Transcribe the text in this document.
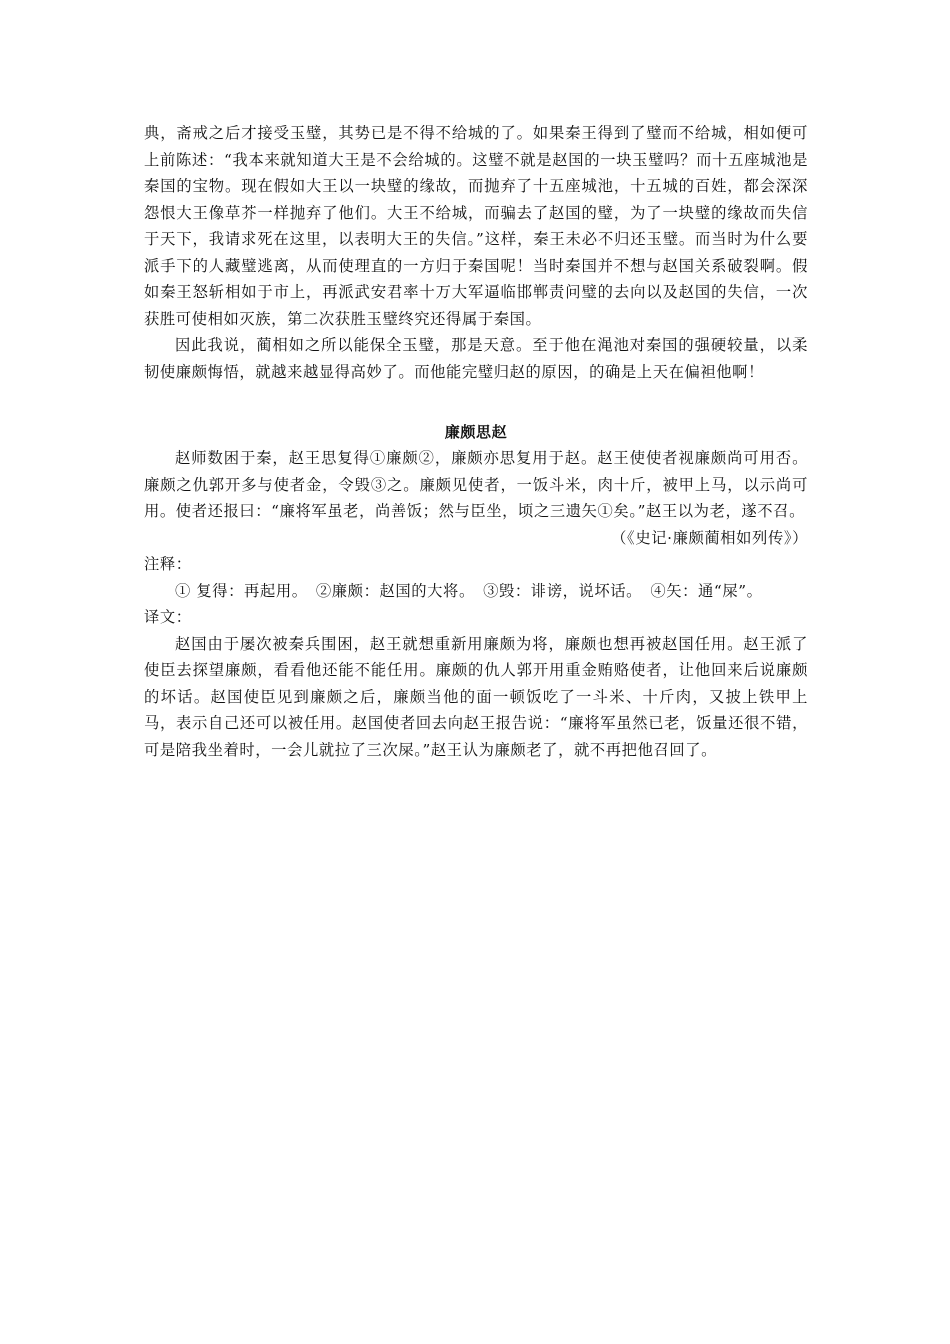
典，斋戒之后才接受玉璧，其势已是不得不给城的了。如果秦王得到了璧而不给城，相如便可上前陈述：“我本来就知道大王是不会给城的。这璧不就是赵国的一块玉璧吗？而十五座城池是秦国的宝物。现在假如大王以一块璧的缘故，而抛弃了十五座城池，十五城的百姓，都会深深怨恨大王像草芥一样抛弃了他们。大王不给城，而骗去了赵国的璧，为了一块璧的缘故而失信于天下，我请求死在这里，以表明大王的失信。”这样，秦王未必不归还玉璧。而当时为什么要派手下的人藏璧逃离，从而使理直的一方归于秦国呢！当时秦国并不想与赵国关系破裂啊。假如秦王怒斩相如于市上，再派武安君率十万大军逼临邯郸责问璧的去向以及赵国的失信，一次获胜可使相如灭族，第二次获胜玉璧终究还得属于秦国。

因此我说，蔺相如之所以能保全玉璧，那是天意。至于他在渑池对秦国的强硬较量，以柔韧使廉颇悔悟，就越来越显得高妙了。而他能完璧归赵的原因，的确是上天在偏袒他啊！

廉颇思赵

赵师数困于秦，赵王思复得①廉颇②，廉颇亦思复用于赵。赵王使使者视廉颇尚可用否。廉颇之仇郭开多与使者金，令毁③之。廉颇见使者，一饭斗米，肉十斤，被甲上马，以示尚可用。使者还报曰：“廉将军虽老，尚善饭；然与臣坐，顷之三遗矢①矣。”赵王以为老，遂不召。

（《史记·廉颇蔺相如列传》）

注释：

① 复得：再起用。　②廉颇：赵国的大将。　③毁：诽谤，说坏话。　④矢：通“屎”。

译文：

赵国由于屡次被秦兵围困，赵王就想重新用廉颇为将，廉颇也想再被赵国任用。赵王派了使臣去探望廉颇，看看他还能不能任用。廉颇的仇人郭开用重金贿赂使者，让他回来后说廉颇的坏话。赵国使臣见到廉颇之后，廉颇当他的面一顿饭吃了一斗米、十斤肉，又披上铁甲上马，表示自己还可以被任用。赵国使者回去向赵王报告说：“廉将军虽然已老，饭量还很不错，可是陪我坐着时，一会儿就拉了三次屎。”赵王认为廉颇老了，就不再把他召回了。
